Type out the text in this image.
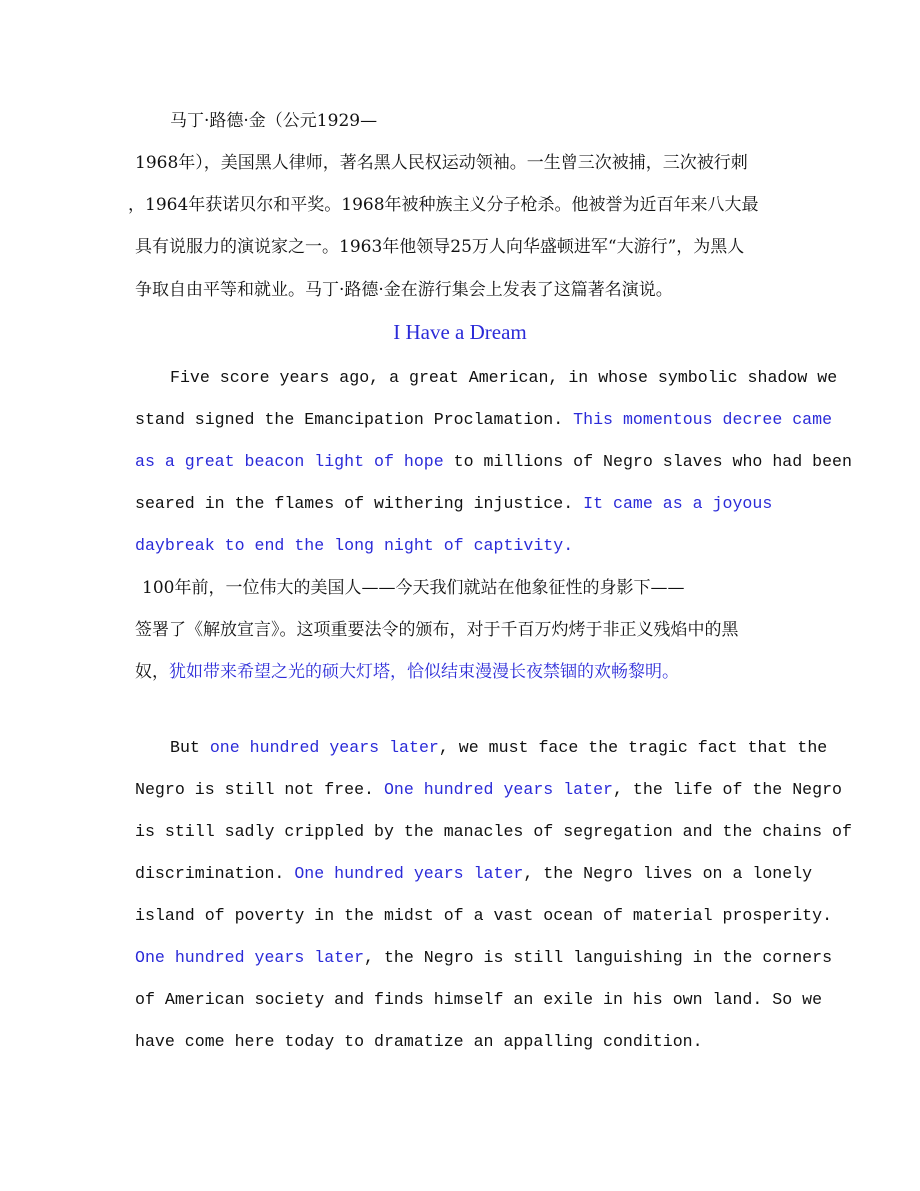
马丁·路德·金（公元1929—
1968年），美国黑人律师，著名黑人民权运动领袖。一生曾三次被捕，三次被行刺
，1964年获诺贝尔和平奖。1968年被种族主义分子枪杀。他被誉为近百年来八大最
具有说服力的演说家之一。1963年他领导25万人向华盛顿进军“大游行”，为黑人
争取自由平等和就业。马丁·路德·金在游行集会上发表了这篇著名演说。
I Have a Dream
Five score years ago, a great American, in whose symbolic shadow we
stand signed the Emancipation Proclamation. This momentous decree came
as a great beacon light of hope to millions of Negro slaves who had been
seared in the flames of withering injustice. It came as a joyous
daybreak to end the long night of captivity.
100年前，一位伟大的美国人——今天我们就站在他象征性的身影下——
签署了《解放宣言》。这项重要法令的颁布，对于千百万灼烤于非正义残焰中的黑
奴，犹如带来希望之光的硕大灯塔，恰似结束漫漫长夜禁锢的欢畅黎明。
But one hundred years later, we must face the tragic fact that the
Negro is still not free. One hundred years later, the life of the Negro
is still sadly crippled by the manacles of segregation and the chains of
discrimination. One hundred years later, the Negro lives on a lonely
island of poverty in the midst of a vast ocean of material prosperity.
One hundred years later, the Negro is still languishing in the corners
of American society and finds himself an exile in his own land. So we
have come here today to dramatize an appalling condition.
